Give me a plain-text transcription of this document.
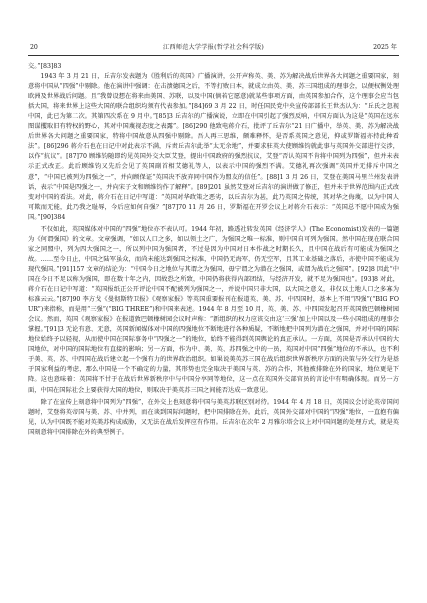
20	江西师范大学学报(哲学社会科学版)	2025 年

交。”[83]83

1943 年 3 月 21 日，丘吉尔发表题为《胜利后的英国》广播演讲，公开声称英、美、苏为解决战后世界各大问题之重要国家，刻意将中国从“四强”中剔除。他在演讲中强调：在击溃德国之后，不等打败日本，就成立由英、美、苏三国组成的理事会，以便权衡处理欧洲及世界战后问题。且“我曾设想在将来由美国、苏联，以及中国(倘若它愿意)就某些事项方面，由英国参加合作，这个理事会应当包括大国，将来世界上这些大国的联合组织均须有代表参加。”[84]69 3 月 22 日，时任国民党中央宣传部部长王世杰认为：“丘氏之忽视中国，此已为第二次。其第四次系在 9 月中。”[85]3 丘吉尔的广播演说，立即在中国引起了强烈反响，中国方面认为这是“英国在远东图谋攫取旧有特权的野心，其对中国蔑视态度之表露”。[86]290 他致电蒋介石，批评了丘吉尔“21 日广播中，举英、美、苏为解决战后世界各大问题之重要国家，特将中国故意从四强中剔除。吾人再三思维，颇难释怀，是否系英国之意见，抑或罗斯福亦持此种看法”。[86]296 蒋介石也在日记中对此表示不满，斥责丘吉尔此举“太无余地”，并要求驻英大使顾维钧就此事与英国外交部进行交涉，以作“抗议”。[87]70 顾维钧随即约见英国外交大臣艾登，提出中国政府的强烈抗议，艾登“否认英国不肯将中国列为四强”，但并未表示正式改正。此后顾维钧又先后会见了英国副首相艾德礼等人，以表示中国的强烈不满。艾德礼再次强调“英国并无排斥中国之意”，“中国已被列为四强之一”，并向顾保证“英国决不放弃同中国作为盟友的信任”。[88]1 3 月 26 日，艾登在美国马里兰州发表讲话，表示“中国是四强之一，并向宋子文和顾维钧作了解释”。[89]201 虽然艾登对丘吉尔的演讲做了修正，但并未于世界范围内正式改变对中国的看法。对此，蒋介石在日记中写道：“英国对华政策之恶劣，以丘吉尔为甚，此乃英国之传统，其对华之侮蔑，以为中国人可欺而无能，此乃我之耻辱，今后应如何自强？”[87]70 11 月 26 日，罗斯福在开罗会议上对蒋介石表示：“英国总不愿中国成为强国。”[90]384

不仅如此，英国媒体对中国的“四强”地位亦不表认可。1944 年初，路透社转发英国《经济学人》(The Economist)发表的一篇题为《何谓强国》的文章。文章强调，“如以人口之多，如以领土之广，为强国之唯一标准，则中国自可列为强国。然中国在现在联合国家之同盟中，列为四大强国之一，所以列中国为强国者，不过是因为中国对日本作战之时期长久，且中国在战后有可能成为强国之故。……至今日止，中国之陆军虽众，而尚未能达到强国之标准，中国仍无海军，仍无空军，且其工业基础之落后，亦使中国不能成为现代强国。”[91]157 文章的结论为：“中国今日之地位与其谓之为强国，毋宁谓之为潜在之强国，或谓为战后之强国”。[92]8 因此“中国在今日不足以称为强国，即在数十年之内，因故恐之所致，中国仍将获得内部团结，与经济开发，就不足为强国也”。[93]8 对此，蒋介石在日记中写道：“英国报纸正公开评论中国不配被列为强国之一，并说中国只非大国，以大国之意义，非仅以土地人口之多寡为标准云云。”[87]90 李方戈《曼彻斯特卫报》《观察家报》等英国重要报刊在报道英、美、苏、中四国时，基本上不用“四强”(“BIG FOUR”)来指称，而是用“三强”(“BIG THREE”)和中国来表述。1944 年 8 月至 10 月，英、美、苏、中四国发起召开英国敦巴顿橡树园会议。然而，英国《观察家报》在报道敦巴顿橡树园会议时声称：“新组织的权力应该交由这‘三强’加上中国以及一些小国组成的理事会掌握。”[91]3 无论有意、无意，英国新闻媒体对中国的四强地位不断地进行各种质疑，不断地把中国列为潜在之强国，并对中国的国际地位始终予以轻视，从而使中国在国际事务中“四强之一”的地位，始终不能得到英国舆论的真正承认。一方面，英国是否承认中国的大国地位，对中国的国际地位有直接的影响；另一方面，作为中、美、英、苏四强之中的一员，英国对中国“四强”地位的不承认，也不利于美、英、苏、中四国在战后建立起一个强有力的世界政治组织。如果说美英苏三国在战后组织世界新秩序方面的决策与外交行为是基于国家利益的考虑，那么中国是一个不确定的力量，其形势也完全取决于美国与英、苏的合作，其他被排除在外的国家，地位更是下降。这也意味着：英国将不甘于在战后世界新秩序中与中国分享同等地位，这一点在英国外交部官员的言论中有明确体现。而另一方面，中国在国际社会上要获得大国的地位，则取决于美英苏三国之间能否达成一致意见。

除了在宣传上刻意将中国列为“四强”，在外交上也刻意将中国与美英苏联区别对待。1944 年 4 月 18 日，英国议会讨论英帝国问题时，艾登将英帝国与美、苏、中并列，而在谈到国际问题时，把中国排除在外。此后，英国外交部对中国的“四强”地位，一直抱有偏见，认为中国既不能对英美苏构成威胁，又无法在战后发挥应有作用。丘吉尔在次年 2 月雅尔塔会议上对中国问题的处理方式，就是英国刻意将中国排除在外的典型例子。
